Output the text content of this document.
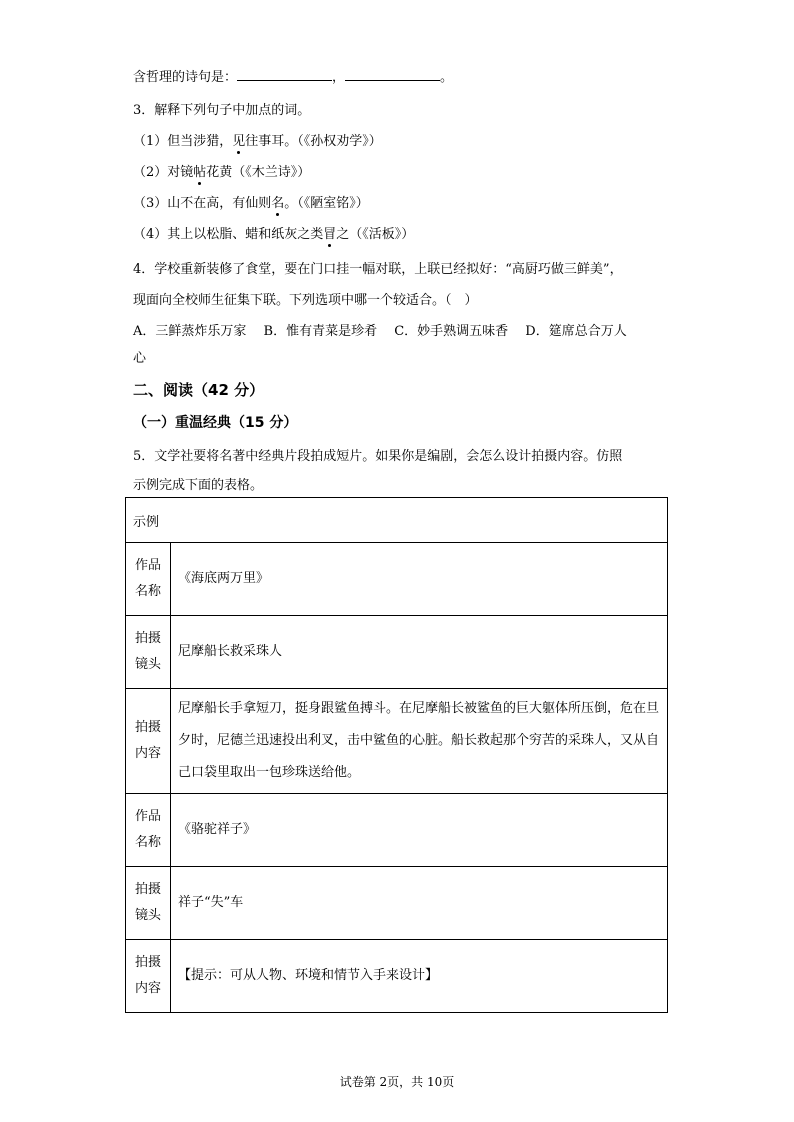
含哲理的诗句是：	，	。
3．解释下列句子中加点的词。
（1）但当涉猎，见往事耳。（《孙权劝学》）
（2）对镜帖花黄（《木兰诗》）
（3）山不在高，有仙则名。（《陋室铭》）
（4）其上以松脂、蜡和纸灰之类冒之（《活板》）
4．学校重新装修了食堂，要在门口挂一幅对联，上联已经拟好：“高厨巧做三鲜美”，
现面向全校师生征集下联。下列选项中哪一个较适合。（　）
A．三鲜蒸炸乐万家　 B．惟有青菜是珍肴　 C．妙手熟调五味香　 D．筵席总合万人
心
二、阅读（42 分）
（一）重温经典（15 分）
5．文学社要将名著中经典片段拍成短片。如果你是编剧，会怎么设计拍摄内容。仿照
示例完成下面的表格。
示例	
作品名称	《海底两万里》
拍摄镜头	尼摩船长救采珠人
拍摄内容	尼摩船长手拿短刀，挺身跟鲨鱼搏斗。在尼摩船长被鲨鱼的巨大躯体所压倒，危在旦夕时，尼德兰迅速投出利叉，击中鲨鱼的心脏。船长救起那个穷苦的采珠人，又从自己口袋里取出一包珍珠送给他。
作品名称	《骆驼祥子》
拍摄镜头	祥子“失”车
拍摄内容	【提示：可从人物、环境和情节入手来设计】
试卷第 2页，共 10页
